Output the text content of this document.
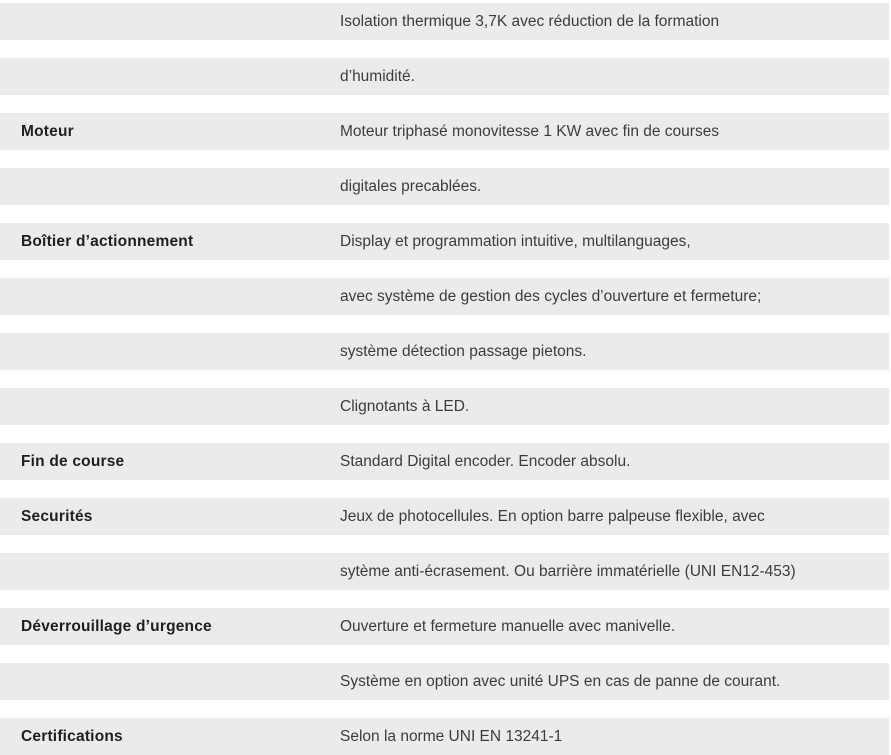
Isolation thermique 3,7K avec réduction de la formation
d’humidité.
Moteur	Moteur triphasé monovitesse 1 KW avec fin de courses
digitales precablées.
Boîtier d’actionnement	Display et programmation intuitive, multilanguages,
avec système de gestion des cycles d’ouverture et fermeture;
système détection passage pietons.
Clignotants à LED.
Fin de course	Standard Digital encoder. Encoder absolu.
Securités	Jeux de photocellules. En option barre palpeuse flexible, avec
sytème anti-écrasement. Ou barrière immatérielle (UNI EN12-453)
Déverrouillage d’urgence	Ouverture et fermeture manuelle avec manivelle.
Système en option avec unité UPS en cas de panne de courant.
Certifications	Selon la norme UNI EN 13241-1
